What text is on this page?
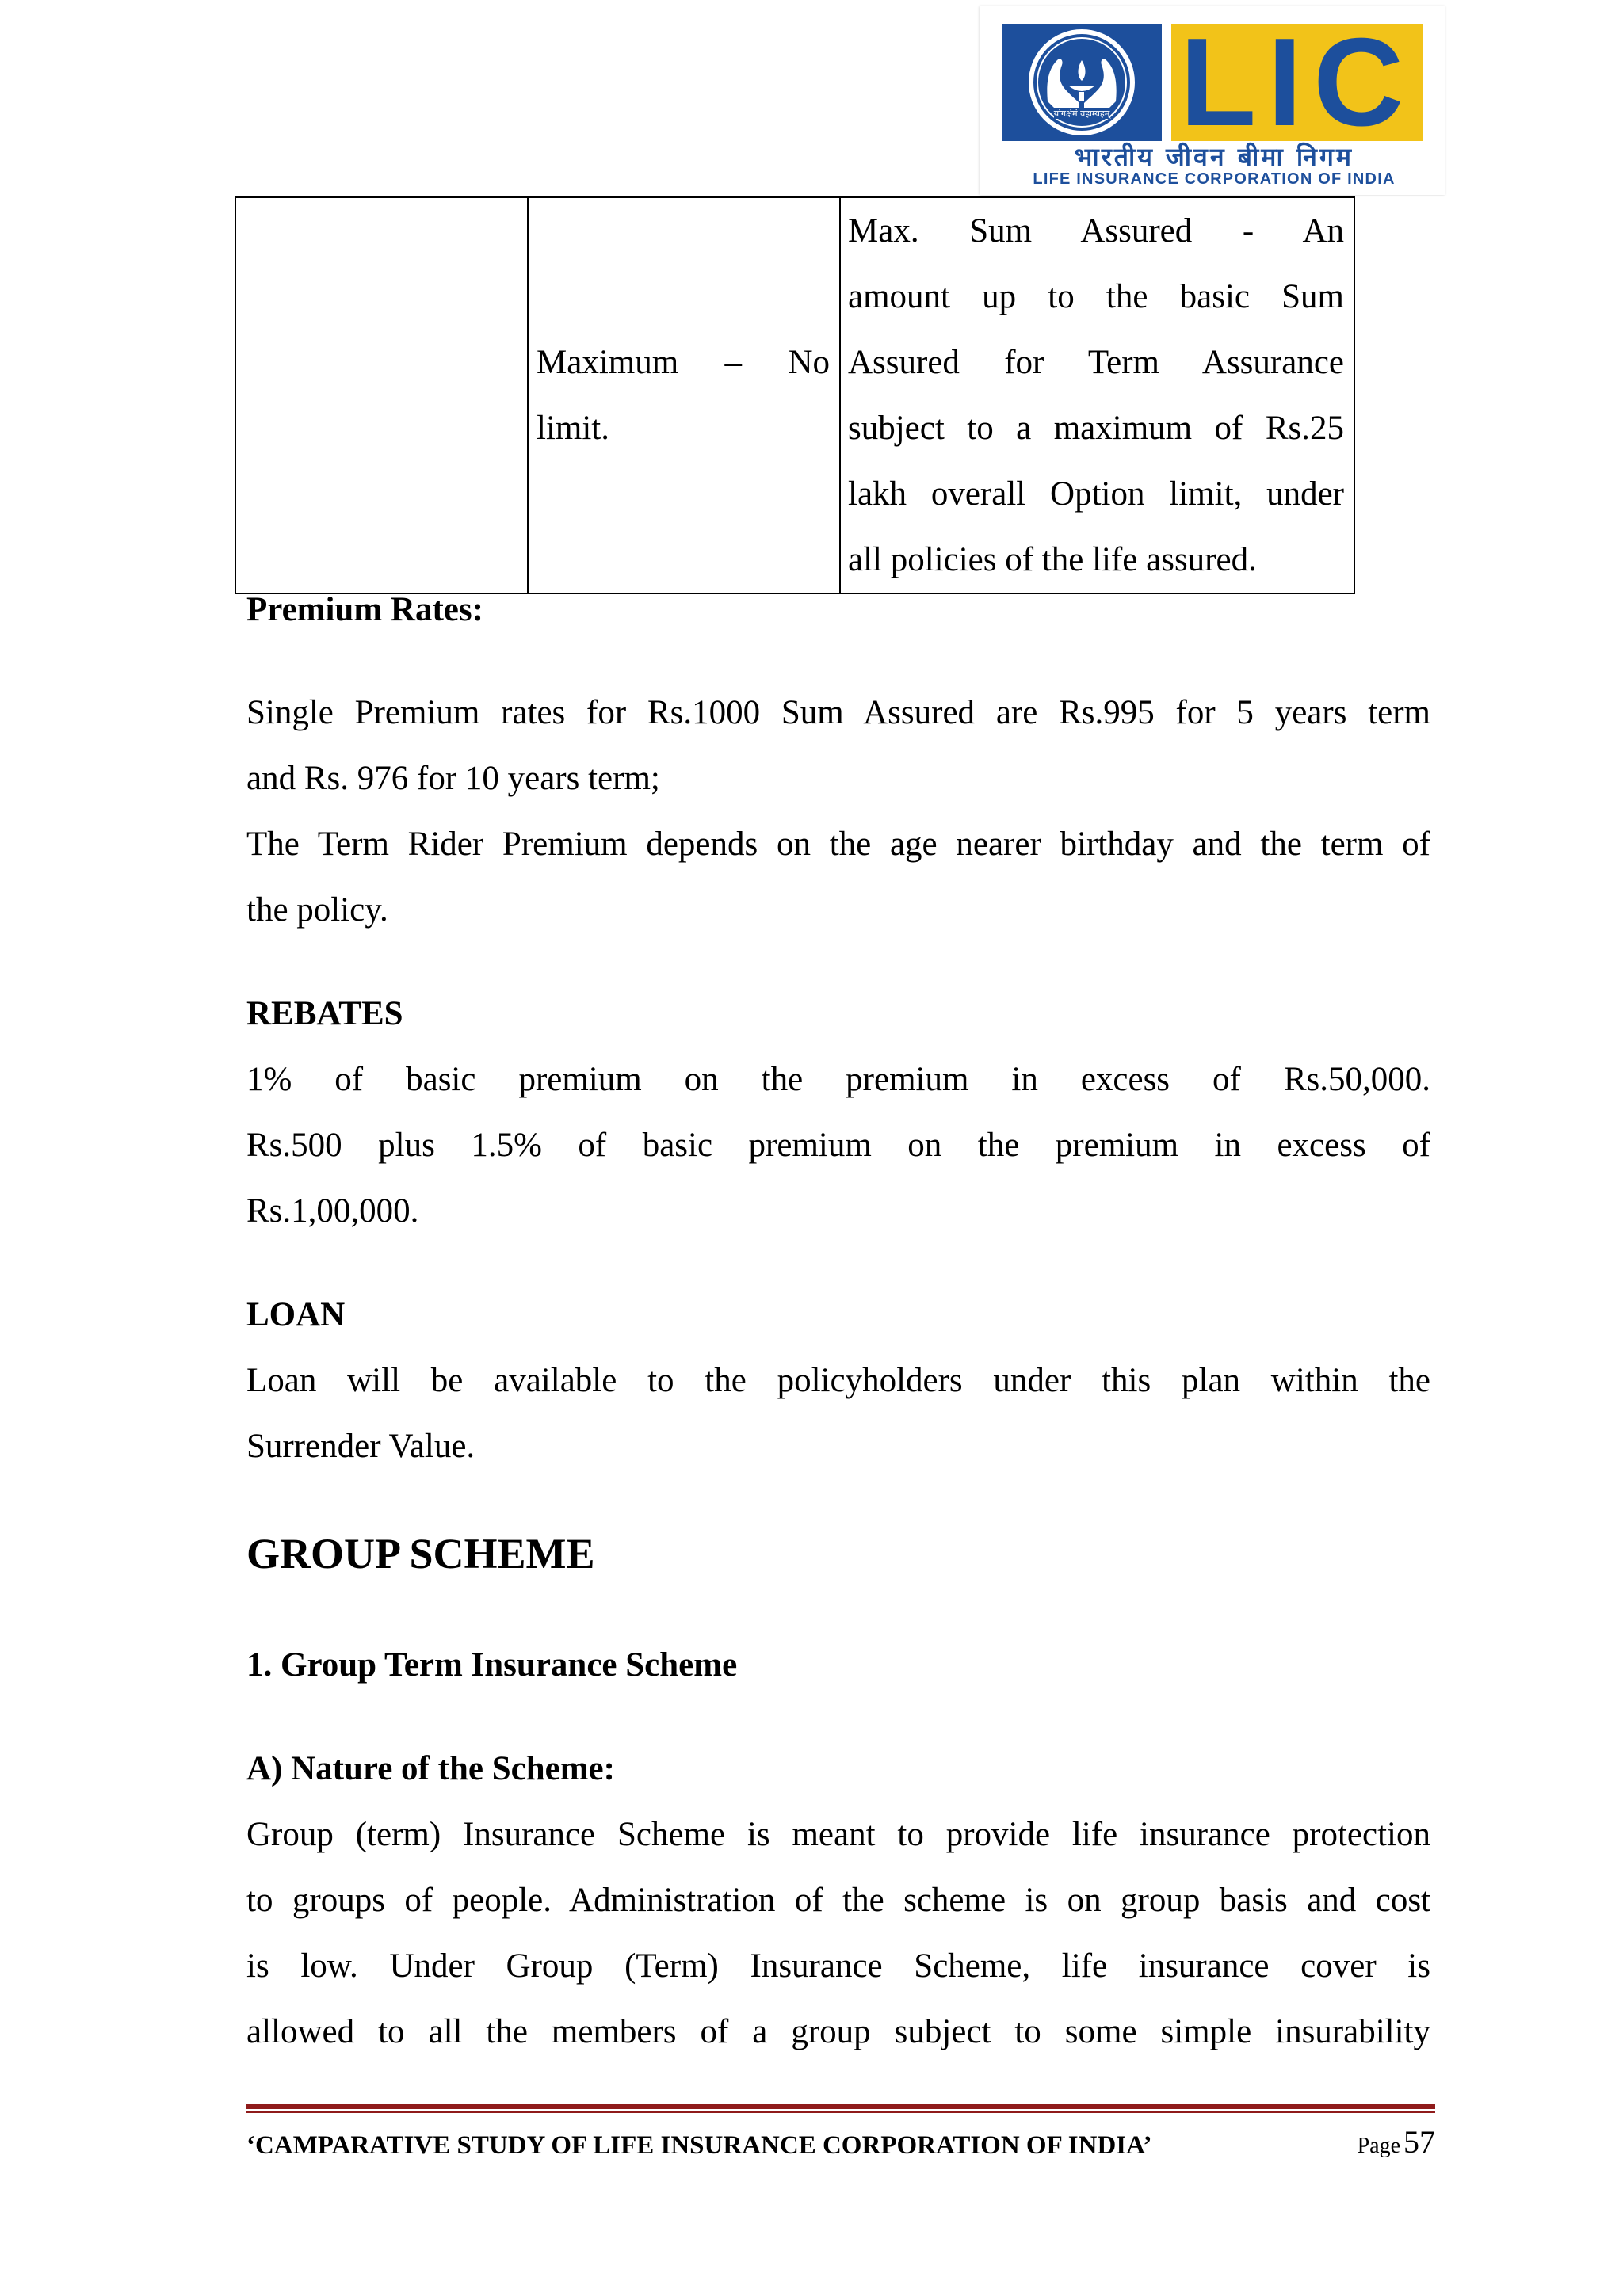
योगक्षेमं वहाम्यहम् LIC
भारतीय जीवन बीमा निगम
LIFE INSURANCE CORPORATION OF INDIA

Maximum – No
limit.

Max. Sum Assured - An
amount up to the basic Sum
Assured for Term Assurance
subject to a maximum of Rs.25
lakh overall Option limit, under
all policies of the life assured.
Premium Rates:
Single Premium rates for Rs.1000 Sum Assured are Rs.995 for 5 years term
and Rs. 976 for 10 years term;
The Term Rider Premium depends on the age nearer birthday and the term of
the policy.
REBATES
1% of basic premium on the premium in excess of Rs.50,000.
Rs.500 plus 1.5% of basic premium on the premium in excess of
Rs.1,00,000.
LOAN
Loan will be available to the policyholders under this plan within the
Surrender Value.
GROUP SCHEME
1. Group Term Insurance Scheme
A) Nature of the Scheme:
Group (term) Insurance Scheme is meant to provide life insurance protection
to groups of people. Administration of the scheme is on group basis and cost
is low. Under Group (Term) Insurance Scheme, life insurance cover is
allowed to all the members of a group subject to some simple insurability
‘CAMPARATIVE STUDY OF LIFE INSURANCE CORPORATION OF INDIA’	Page 57
